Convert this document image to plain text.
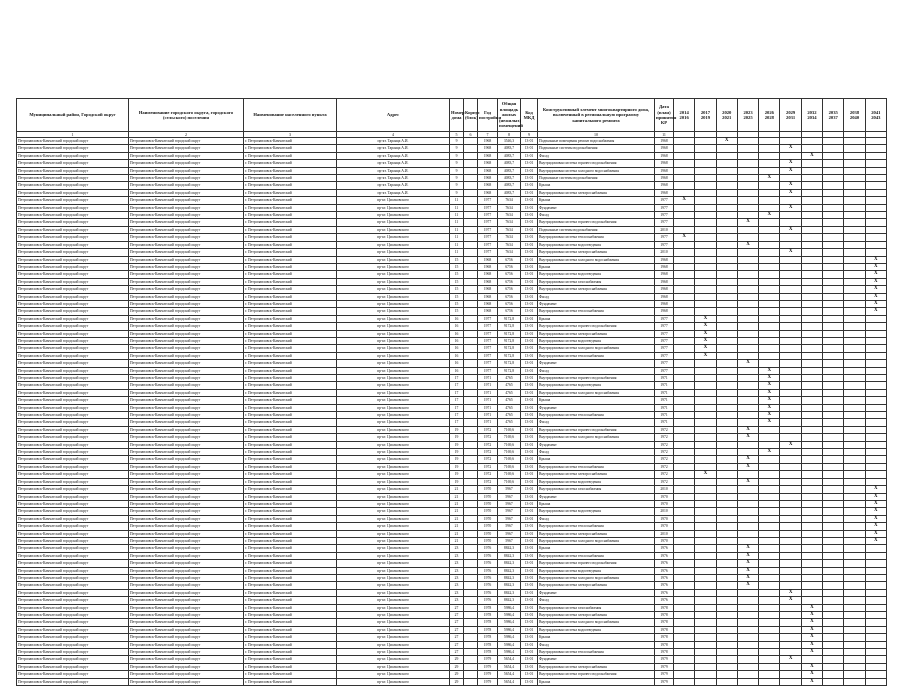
Муниципальный район, Городской округ	Наименование городского округа, городского (сельского) поселения	Наименование населенного пункта	Адрес	Номер дома	Корпус (блок)	Год постройки	Общая площадь жилых (нежилых) помещений	Код МКД	Конструктивный элемент многоквартирного дома, включенный в региональную программу капитального ремонта	Дата (план) принятия КР	2014 2016	2017 2019	2020 2021	2023 2025	2026 2028	2029 2031	2032 2034	2035 2037	2038 2040	2041 2043
1	2	3	4	5	6	7	8	9	10	11										
Петропавловск-Камчатский городской округ	Петропавловск-Камчатский городской округ	г. Петропавловск-Камчатский	пр-кт. Таранца А.И.	9		1968	3546,3	13-01	Подвальные помещения ремонт водоснабжения	1968			X							
Петропавловск-Камчатский городской округ	Петропавловск-Камчатский городской округ	г. Петропавловск-Камчатский	пр-кт. Таранца А.И.	9		1968	4083,7	13-01	Подвальные системы водоснабжения	1968						X				
Петропавловск-Камчатский городской округ	Петропавловск-Камчатский городской округ	г. Петропавловск-Камчатский	пр-кт. Таранца А.И.	9		1968	4083,7	13-01	Фасад	1968							X			
Петропавловск-Камчатский городской округ	Петропавловск-Камчатский городской округ	г. Петропавловск-Камчатский	пр-кт. Таранца А.И.	9		1968	4083,7	13-01	Внутридомовая система горячего водоснабжения	1968						X				
Петропавловск-Камчатский городской округ	Петропавловск-Камчатский городской округ	г. Петропавловск-Камчатский	пр-кт. Таранца А.И.	9		1968	4083,7	13-01	Внутридомовая система холодного водоснабжения	1968						X				
Петропавловск-Камчатский городской округ	Петропавловск-Камчатский городской округ	г. Петропавловск-Камчатский	пр-кт. Таранца А.И.	9		1968	4083,7	13-01	Подвальные системы водоснабжения	1968					X					
Петропавловск-Камчатский городской округ	Петропавловск-Камчатский городской округ	г. Петропавловск-Камчатский	пр-кт. Таранца А.И.	9		1968	4083,7	13-01	Крыша	1968						X				
Петропавловск-Камчатский городской округ	Петропавловск-Камчатский городской округ	г. Петропавловск-Камчатский	пр-кт. Таранца А.И.	9		1968	4083,7	13-01	Внутридомовая система электроснабжения	1968						X				
Петропавловск-Камчатский городской округ	Петропавловск-Камчатский городской округ	г. Петропавловск-Камчатский	пр-кт. Циолковского	11		1977	7634	13-01	Крыша	1977	X									
Петропавловск-Камчатский городской округ	Петропавловск-Камчатский городской округ	г. Петропавловск-Камчатский	пр-кт. Циолковского	11		1977	7634	13-01	Фундамент	1977						X				
Петропавловск-Камчатский городской округ	Петропавловск-Камчатский городской округ	г. Петропавловск-Камчатский	пр-кт. Циолковского	11		1977	7634	13-01	Фасад	1977					X					
Петропавловск-Камчатский городской округ	Петропавловск-Камчатский городской округ	г. Петропавловск-Камчатский	пр-кт. Циолковского	11		1977	7634	13-01	Внутридомовая система горячего водоснабжения	1977				X						
Петропавловск-Камчатский городской округ	Петропавловск-Камчатский городской округ	г. Петропавловск-Камчатский	пр-кт. Циолковского	11		1977	7634	13-01	Подвальные системы водоснабжения	2010						X				
Петропавловск-Камчатский городской округ	Петропавловск-Камчатский городской округ	г. Петропавловск-Камчатский	пр-кт. Циолковского	11		1977	7634	13-01	Внутридомовая система теплоснабжения	1977	X									
Петропавловск-Камчатский городской округ	Петропавловск-Камчатский городской округ	г. Петропавловск-Камчатский	пр-кт. Циолковского	11		1977	7634	13-01	Внутридомовая система водоотведения	1977				X						
Петропавловск-Камчатский городской округ	Петропавловск-Камчатский городской округ	г. Петропавловск-Камчатский	пр-кт. Циолковского	11		1977	7634	13-01	Внутридомовая система электроснабжения	2010						X				
Петропавловск-Камчатский городской округ	Петропавловск-Камчатский городской округ	г. Петропавловск-Камчатский	пр-кт. Циолковского	15		1968	6756	13-01	Внутридомовая система холодного водоснабжения	1968										X
Петропавловск-Камчатский городской округ	Петропавловск-Камчатский городской округ	г. Петропавловск-Камчатский	пр-кт. Циолковского	15		1968	6756	13-01	Крыша	1968										X
Петропавловск-Камчатский городской округ	Петропавловск-Камчатский городской округ	г. Петропавловск-Камчатский	пр-кт. Циолковского	15		1968	6756	13-01	Внутридомовая система водоотведения	1968										X
Петропавловск-Камчатский городской округ	Петропавловск-Камчатский городской округ	г. Петропавловск-Камчатский	пр-кт. Циолковского	15		1968	6756	13-01	Внутридомовая система газоснабжения	1968										X
Петропавловск-Камчатский городской округ	Петропавловск-Камчатский городской округ	г. Петропавловск-Камчатский	пр-кт. Циолковского	15		1968	6756	13-01	Внутридомовая система электроснабжения	1968										X
Петропавловск-Камчатский городской округ	Петропавловск-Камчатский городской округ	г. Петропавловск-Камчатский	пр-кт. Циолковского	15		1968	6756	13-01	Фасад	1968										X
Петропавловск-Камчатский городской округ	Петропавловск-Камчатский городской округ	г. Петропавловск-Камчатский	пр-кт. Циолковского	15		1968	6756	13-01	Фундамент	1968										X
Петропавловск-Камчатский городской округ	Петропавловск-Камчатский городской округ	г. Петропавловск-Камчатский	пр-кт. Циолковского	15		1968	6756	13-01	Внутридомовая система теплоснабжения	1968										X
Петропавловск-Камчатский городской округ	Петропавловск-Камчатский городской округ	г. Петропавловск-Камчатский	пр-кт. Циолковского	16		1977	9172,8	13-01	Крыша	1977		X								
Петропавловск-Камчатский городской округ	Петропавловск-Камчатский городской округ	г. Петропавловск-Камчатский	пр-кт. Циолковского	16		1977	9172,8	13-01	Внутридомовая система горячего водоснабжения	1977		X								
Петропавловск-Камчатский городской округ	Петропавловск-Камчатский городской округ	г. Петропавловск-Камчатский	пр-кт. Циолковского	16		1977	9172,8	13-01	Внутридомовая система электроснабжения	1977		X								
Петропавловск-Камчатский городской округ	Петропавловск-Камчатский городской округ	г. Петропавловск-Камчатский	пр-кт. Циолковского	16		1977	9172,8	13-01	Внутридомовая система водоотведения	1977		X								
Петропавловск-Камчатский городской округ	Петропавловск-Камчатский городской округ	г. Петропавловск-Камчатский	пр-кт. Циолковского	16		1977	9172,8	13-01	Внутридомовая система холодного водоснабжения	1977		X								
Петропавловск-Камчатский городской округ	Петропавловск-Камчатский городской округ	г. Петропавловск-Камчатский	пр-кт. Циолковского	16		1977	9172,8	13-01	Внутридомовая система теплоснабжения	1977		X								
Петропавловск-Камчатский городской округ	Петропавловск-Камчатский городской округ	г. Петропавловск-Камчатский	пр-кт. Циолковского	16		1977	9172,8	13-01	Фундамент	1977				X						
Петропавловск-Камчатский городской округ	Петропавловск-Камчатский городской округ	г. Петропавловск-Камчатский	пр-кт. Циолковского	16		1977	9172,8	13-01	Фасад	1977					X					
Петропавловск-Камчатский городской округ	Петропавловск-Камчатский городской округ	г. Петропавловск-Камчатский	пр-кт. Циолковского	17		1971	4765	13-01	Внутридомовая система горячего водоснабжения	1971					X					
Петропавловск-Камчатский городской округ	Петропавловск-Камчатский городской округ	г. Петропавловск-Камчатский	пр-кт. Циолковского	17		1971	4765	13-01	Внутридомовая система водоотведения	1971					X					
Петропавловск-Камчатский городской округ	Петропавловск-Камчатский городской округ	г. Петропавловск-Камчатский	пр-кт. Циолковского	17		1971	4765	13-01	Внутридомовая система холодного водоснабжения	1971					X					
Петропавловск-Камчатский городской округ	Петропавловск-Камчатский городской округ	г. Петропавловск-Камчатский	пр-кт. Циолковского	17		1971	4765	13-01	Крыша	1971					X					
Петропавловск-Камчатский городской округ	Петропавловск-Камчатский городской округ	г. Петропавловск-Камчатский	пр-кт. Циолковского	17		1971	4765	13-01	Фундамент	1971					X					
Петропавловск-Камчатский городской округ	Петропавловск-Камчатский городской округ	г. Петропавловск-Камчатский	пр-кт. Циолковского	17		1971	4765	13-01	Внутридомовая система теплоснабжения	1971					X					
Петропавловск-Камчатский городской округ	Петропавловск-Камчатский городской округ	г. Петропавловск-Камчатский	пр-кт. Циолковского	17		1971	4765	13-01	Фасад	1971					X					
Петропавловск-Камчатский городской округ	Петропавловск-Камчатский городской округ	г. Петропавловск-Камчатский	пр-кт. Циолковского	19		1972	7169,6	13-01	Внутридомовая система горячего водоснабжения	1972				X						
Петропавловск-Камчатский городской округ	Петропавловск-Камчатский городской округ	г. Петропавловск-Камчатский	пр-кт. Циолковского	19		1972	7169,6	13-01	Внутридомовая система холодного водоснабжения	1972				X						
Петропавловск-Камчатский городской округ	Петропавловск-Камчатский городской округ	г. Петропавловск-Камчатский	пр-кт. Циолковского	19		1972	7169,6	13-01	Фундамент	1972						X				
Петропавловск-Камчатский городской округ	Петропавловск-Камчатский городской округ	г. Петропавловск-Камчатский	пр-кт. Циолковского	19		1972	7169,6	13-01	Фасад	1972					X					
Петропавловск-Камчатский городской округ	Петропавловск-Камчатский городской округ	г. Петропавловск-Камчатский	пр-кт. Циолковского	19		1972	7169,6	13-01	Крыша	1972				X						
Петропавловск-Камчатский городской округ	Петропавловск-Камчатский городской округ	г. Петропавловск-Камчатский	пр-кт. Циолковского	19		1972	7169,6	13-01	Внутридомовая система теплоснабжения	1972				X						
Петропавловск-Камчатский городской округ	Петропавловск-Камчатский городской округ	г. Петропавловск-Камчатский	пр-кт. Циолковского	19		1972	7169,6	13-01	Внутридомовая система электроснабжения	1972		X								
Петропавловск-Камчатский городской округ	Петропавловск-Камчатский городской округ	г. Петропавловск-Камчатский	пр-кт. Циолковского	19		1972	7169,6	13-01	Внутридомовая система водоотведения	1972				X						
Петропавловск-Камчатский городской округ	Петропавловск-Камчатский городской округ	г. Петропавловск-Камчатский	пр-кт. Циолковского	21		1970	5967	13-01	Внутридомовая система газоснабжения	2010										X
Петропавловск-Камчатский городской округ	Петропавловск-Камчатский городской округ	г. Петропавловск-Камчатский	пр-кт. Циолковского	21		1970	5967	13-01	Фундамент	1970										X
Петропавловск-Камчатский городской округ	Петропавловск-Камчатский городской округ	г. Петропавловск-Камчатский	пр-кт. Циолковского	21		1970	5967	13-01	Крыша	1970										X
Петропавловск-Камчатский городской округ	Петропавловск-Камчатский городской округ	г. Петропавловск-Камчатский	пр-кт. Циолковского	21		1970	5967	13-01	Внутридомовая система водоотведения	2010										X
Петропавловск-Камчатский городской округ	Петропавловск-Камчатский городской округ	г. Петропавловск-Камчатский	пр-кт. Циолковского	21		1970	5967	13-01	Фасад	1970										X
Петропавловск-Камчатский городской округ	Петропавловск-Камчатский городской округ	г. Петропавловск-Камчатский	пр-кт. Циолковского	21		1970	5967	13-01	Внутридомовая система теплоснабжения	1970										X
Петропавловск-Камчатский городской округ	Петропавловск-Камчатский городской округ	г. Петропавловск-Камчатский	пр-кт. Циолковского	21		1970	5967	13-01	Внутридомовая система электроснабжения	2010										X
Петропавловск-Камчатский городской округ	Петропавловск-Камчатский городской округ	г. Петропавловск-Камчатский	пр-кт. Циолковского	21		1970	5967	13-01	Внутридомовая система холодного водоснабжения	1970										X
Петропавловск-Камчатский городской округ	Петропавловск-Камчатский городской округ	г. Петропавловск-Камчатский	пр-кт. Циолковского	23		1976	8842,3	13-01	Крыша	1976				X						
Петропавловск-Камчатский городской округ	Петропавловск-Камчатский городской округ	г. Петропавловск-Камчатский	пр-кт. Циолковского	23		1976	8842,3	13-01	Внутридомовая система теплоснабжения	1976				X						
Петропавловск-Камчатский городской округ	Петропавловск-Камчатский городской округ	г. Петропавловск-Камчатский	пр-кт. Циолковского	23		1976	8842,3	13-01	Внутридомовая система горячего водоснабжения	1976				X						
Петропавловск-Камчатский городской округ	Петропавловск-Камчатский городской округ	г. Петропавловск-Камчатский	пр-кт. Циолковского	23		1976	8842,3	13-01	Внутридомовая система водоотведения	1976				X						
Петропавловск-Камчатский городской округ	Петропавловск-Камчатский городской округ	г. Петропавловск-Камчатский	пр-кт. Циолковского	23		1976	8842,3	13-01	Внутридомовая система холодного водоснабжения	1976				X						
Петропавловск-Камчатский городской округ	Петропавловск-Камчатский городской округ	г. Петропавловск-Камчатский	пр-кт. Циолковского	23		1976	8842,3	13-01	Внутридомовая система электроснабжения	1976				X						
Петропавловск-Камчатский городской округ	Петропавловск-Камчатский городской округ	г. Петропавловск-Камчатский	пр-кт. Циолковского	23		1976	8842,3	13-01	Фундамент	1976						X				
Петропавловск-Камчатский городской округ	Петропавловск-Камчатский городской округ	г. Петропавловск-Камчатский	пр-кт. Циолковского	23		1976	8842,3	13-01	Фасад	1976						X				
Петропавловск-Камчатский городской округ	Петропавловск-Камчатский городской округ	г. Петропавловск-Камчатский	пр-кт. Циолковского	27		1978	5986,4	13-01	Внутридомовая система газоснабжения	1978							X			
Петропавловск-Камчатский городской округ	Петропавловск-Камчатский городской округ	г. Петропавловск-Камчатский	пр-кт. Циолковского	27		1978	5986,4	13-01	Внутридомовая система электроснабжения	1978							X			
Петропавловск-Камчатский городской округ	Петропавловск-Камчатский городской округ	г. Петропавловск-Камчатский	пр-кт. Циолковского	27		1978	5986,4	13-01	Внутридомовая система холодного водоснабжения	1978							X			
Петропавловск-Камчатский городской округ	Петропавловск-Камчатский городской округ	г. Петропавловск-Камчатский	пр-кт. Циолковского	27		1978	5986,4	13-01	Внутридомовая система водоотведения	1978							X			
Петропавловск-Камчатский городской округ	Петропавловск-Камчатский городской округ	г. Петропавловск-Камчатский	пр-кт. Циолковского	27		1978	5986,4	13-01	Крыша	1978							X			
Петропавловск-Камчатский городской округ	Петропавловск-Камчатский городской округ	г. Петропавловск-Камчатский	пр-кт. Циолковского	27		1978	5986,4	13-01	Фасад	1978							X			
Петропавловск-Камчатский городской округ	Петропавловск-Камчатский городской округ	г. Петропавловск-Камчатский	пр-кт. Циолковского	27		1978	5986,4	13-01	Внутридомовая система теплоснабжения	1978							X			
Петропавловск-Камчатский городской округ	Петропавловск-Камчатский городской округ	г. Петропавловск-Камчатский	пр-кт. Циолковского	29		1979	5654,4	13-01	Фундамент	1979						X				
Петропавловск-Камчатский городской округ	Петропавловск-Камчатский городской округ	г. Петропавловск-Камчатский	пр-кт. Циолковского	29		1979	5654,4	13-01	Внутридомовая система электроснабжения	1979							X			
Петропавловск-Камчатский городской округ	Петропавловск-Камчатский городской округ	г. Петропавловск-Камчатский	пр-кт. Циолковского	29		1979	5654,4	13-01	Внутридомовая система горячего водоснабжения	1979							X			
Петропавловск-Камчатский городской округ	Петропавловск-Камчатский городской округ	г. Петропавловск-Камчатский	пр-кт. Циолковского	29		1979	5654,4	13-01	Крыша	1979							X			
